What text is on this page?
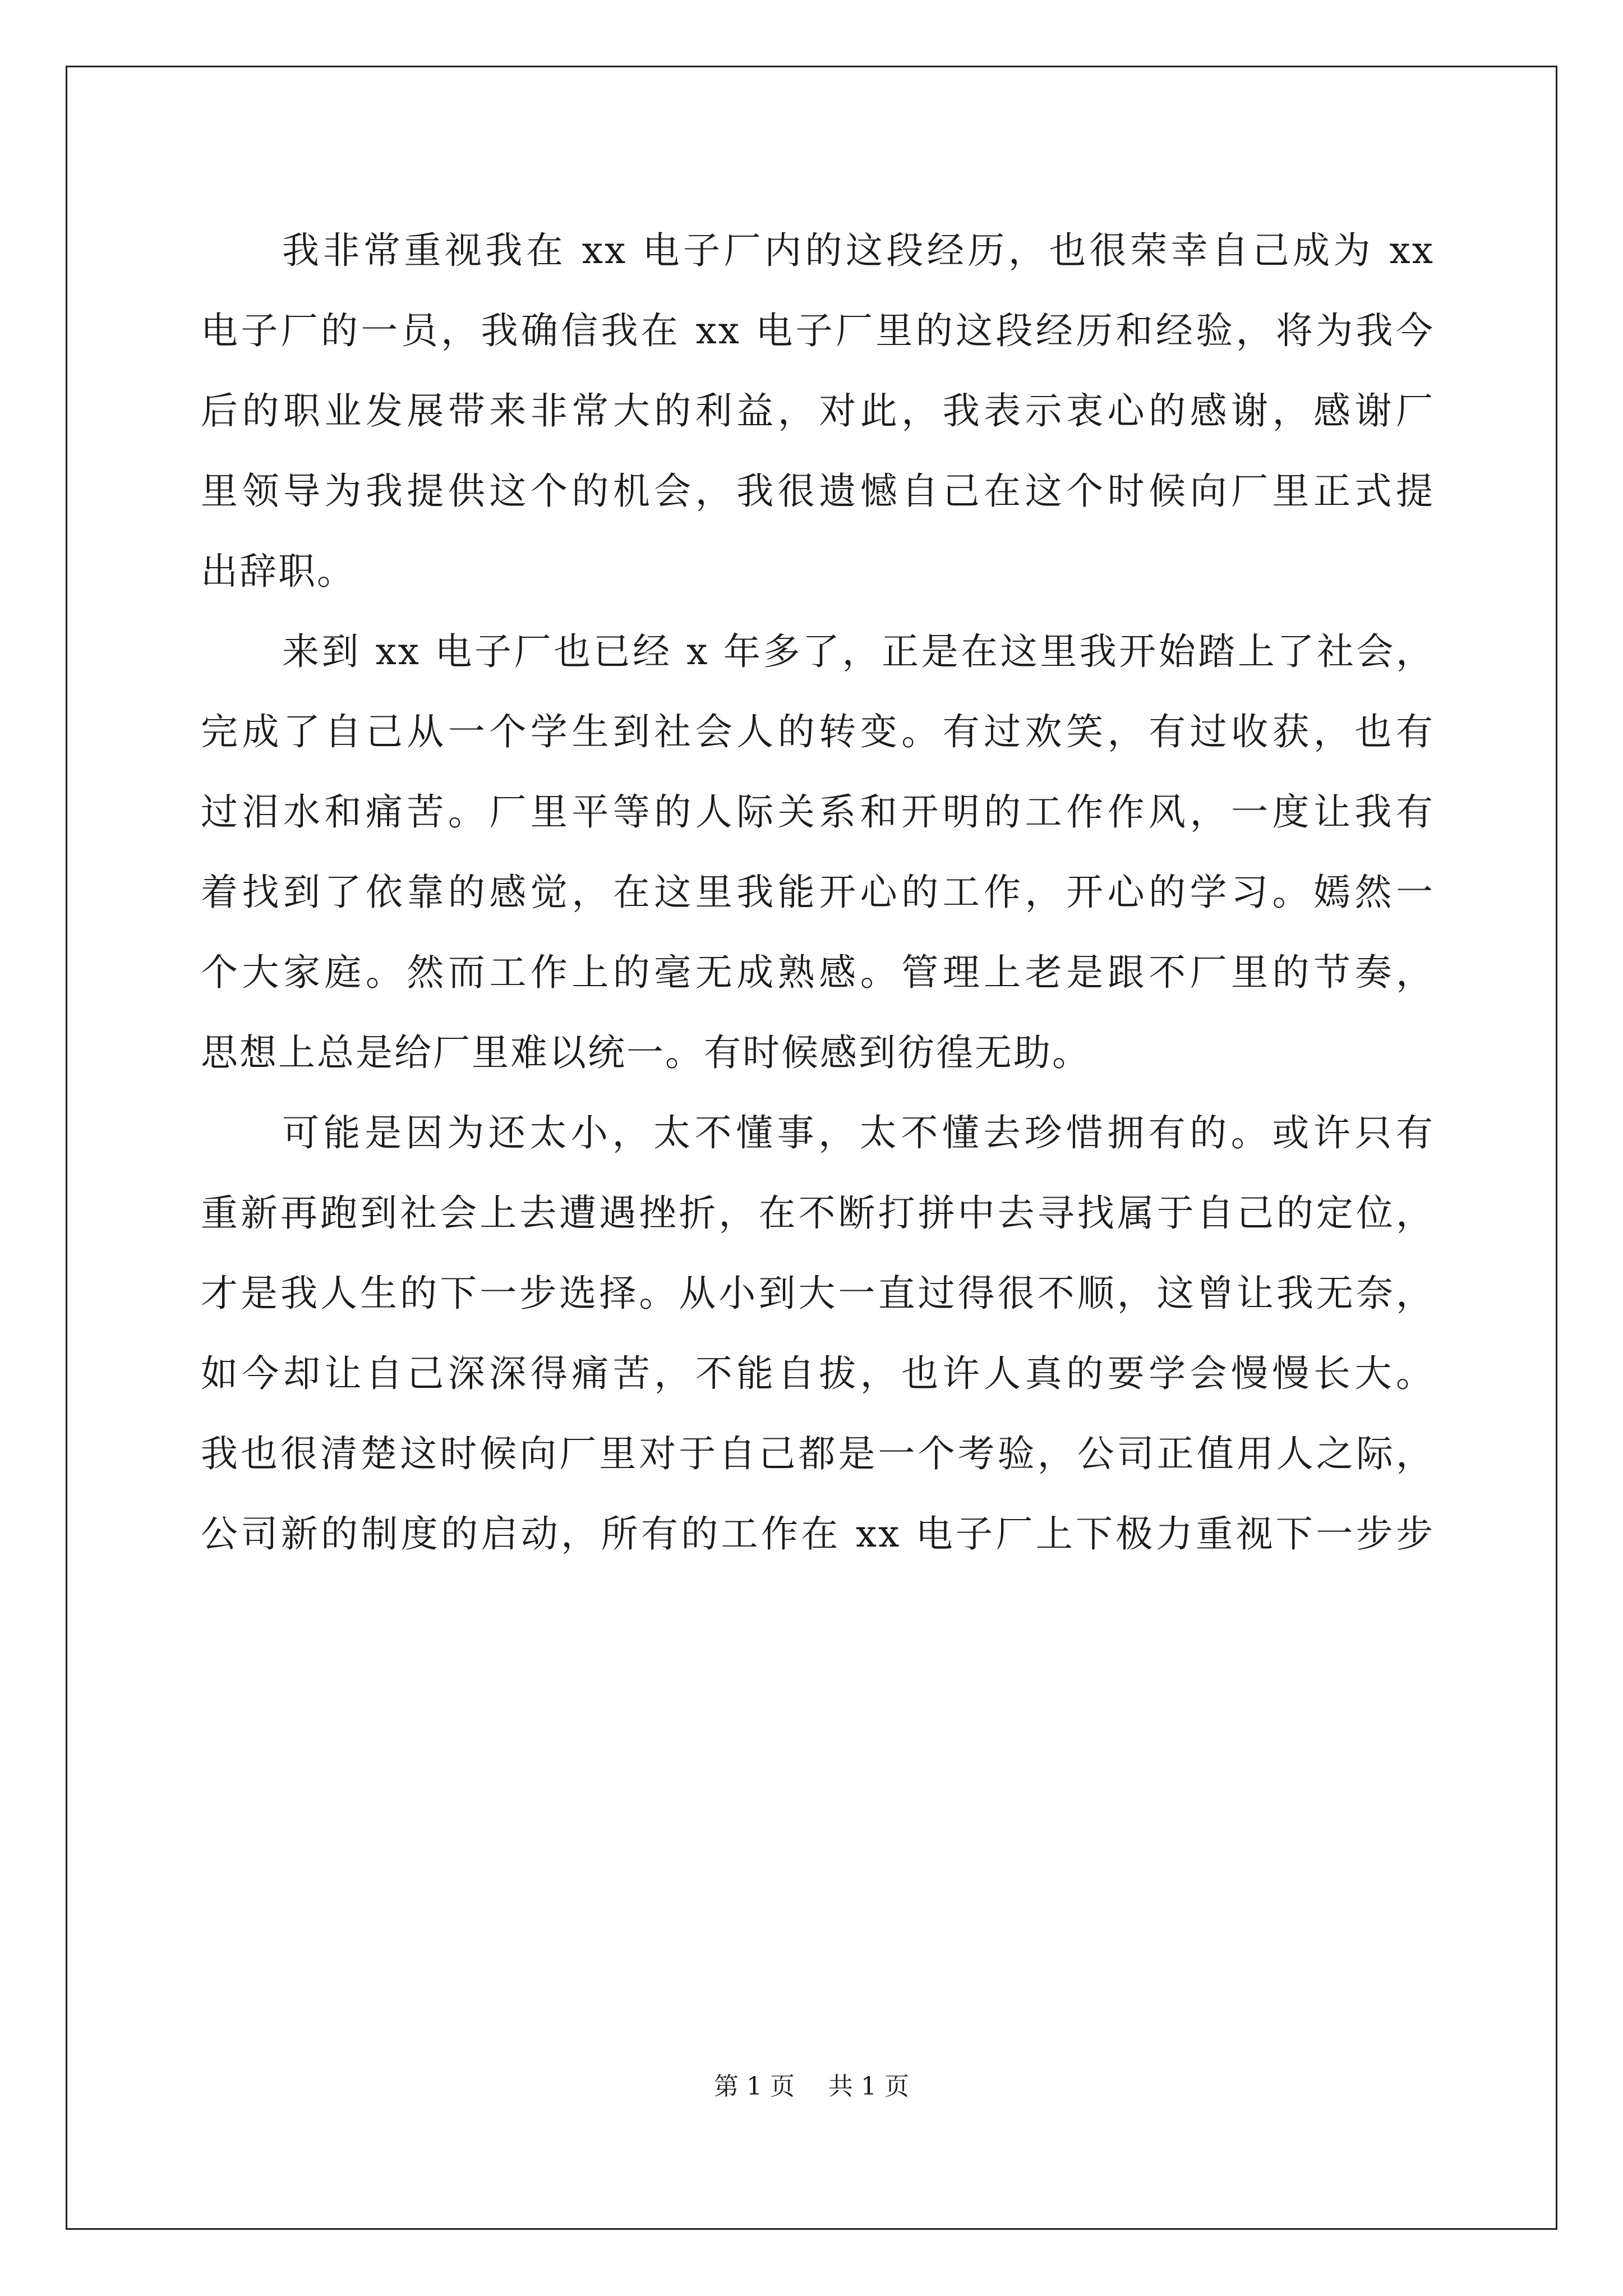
我非常重视我在 xx 电子厂内的这段经历，也很荣幸自己成为 xx
电子厂的一员，我确信我在 xx 电子厂里的这段经历和经验，将为我今
后的职业发展带来非常大的利益，对此，我表示衷心的感谢，感谢厂
里领导为我提供这个的机会，我很遗憾自己在这个时候向厂里正式提
出辞职。
来到 xx 电子厂也已经 x 年多了，正是在这里我开始踏上了社会，
完成了自己从一个学生到社会人的转变。有过欢笑，有过收获，也有
过泪水和痛苦。厂里平等的人际关系和开明的工作作风，一度让我有
着找到了依靠的感觉，在这里我能开心的工作，开心的学习。嫣然一
个大家庭。然而工作上的毫无成熟感。管理上老是跟不厂里的节奏，
思想上总是给厂里难以统一。有时候感到彷徨无助。
可能是因为还太小，太不懂事，太不懂去珍惜拥有的。或许只有
重新再跑到社会上去遭遇挫折，在不断打拼中去寻找属于自己的定位，
才是我人生的下一步选择。从小到大一直过得很不顺，这曾让我无奈，
如今却让自己深深得痛苦，不能自拔，也许人真的要学会慢慢长大。
我也很清楚这时候向厂里对于自己都是一个考验，公司正值用人之际，
公司新的制度的启动，所有的工作在 xx 电子厂上下极力重视下一步步
第 1 页 共 1 页
